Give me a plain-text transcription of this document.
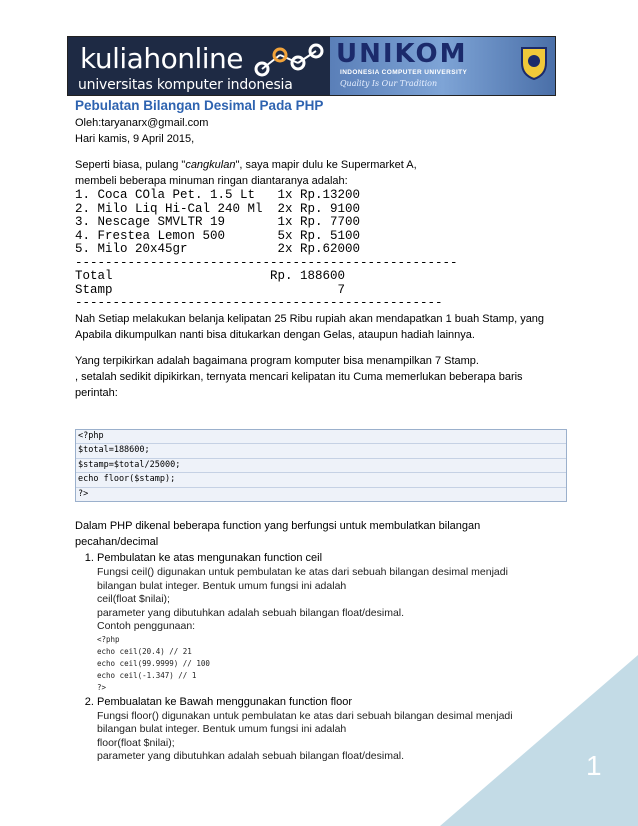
kuliahonline
universitas komputer indonesia
UNIKOM
INDONESIA COMPUTER UNIVERSITY
Quality Is Our Tradition
Pebulatan Bilangan Desimal Pada PHP

Oleh:taryanarx@gmail.com

Hari kamis, 9 April 2015,

Seperti biasa, pulang "cangkulan", saya mapir dulu ke Supermarket A,

membeli beberapa minuman ringan diantaranya adalah:

1. Coca COla Pet. 1.5 Lt   1x Rp.13200
2. Milo Liq Hi-Cal 240 Ml  2x Rp. 9100
3. Nescage SMVLTR 19       1x Rp. 7700
4. Frestea Lemon 500       5x Rp. 5100
5. Milo 20x45gr            2x Rp.62000
---------------------------------------------------
Total                     Rp. 188600
Stamp                              7
-------------------------------------------------

Nah Setiap melakukan belanja kelipatan 25 Ribu rupiah akan mendapatkan 1 buah Stamp, yang

Apabila dikumpulkan nanti bisa ditukarkan dengan Gelas, ataupun hadiah lainnya.

Yang terpikirkan adalah bagaimana program komputer bisa menampilkan 7 Stamp.

, setalah sedikit dipikirkan, ternyata mencari kelipatan itu Cuma memerlukan beberapa baris perintah:

<?php
$total=188600;
$stamp=$total/25000;
echo floor($stamp);
?>

Dalam PHP dikenal beberapa function yang berfungsi untuk membulatkan bilangan pecahan/decimal

1. Pembulatan ke atas mengunakan function ceil
Fungsi ceil() digunakan untuk pembulatan ke atas dari sebuah bilangan desimal menjadi
bilangan bulat integer. Bentuk umum fungsi ini adalah
ceil(float $nilai);
parameter yang dibutuhkan adalah sebuah bilangan float/desimal.
Contoh penggunaan:
<?php
echo ceil(20.4) // 21
echo ceil(99.9999) // 100
echo ceil(-1.347) // 1
?>
2. Pembualatan ke Bawah menggunakan function floor
Fungsi floor() digunakan untuk pembulatan ke atas dari sebuah bilangan desimal menjadi
bilangan bulat integer. Bentuk umum fungsi ini adalah
floor(float $nilai);
parameter yang dibutuhkan adalah sebuah bilangan float/desimal.	1
